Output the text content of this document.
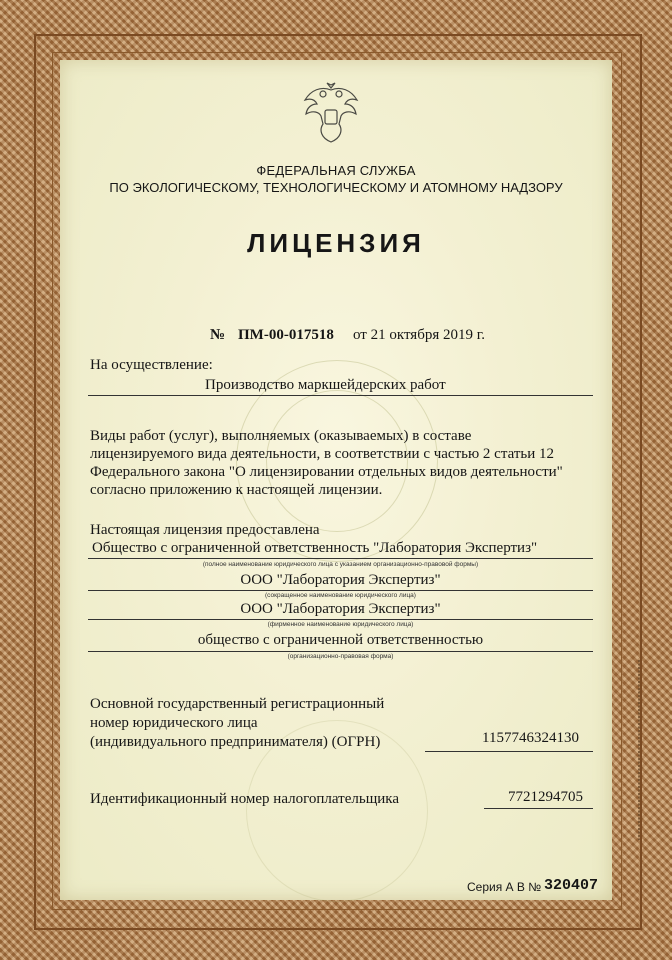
ФЕДЕРАЛЬНАЯ СЛУЖБА
ПО ЭКОЛОГИЧЕСКОМУ, ТЕХНОЛОГИЧЕСКОМУ И АТОМНОМУ НАДЗОРУ
ЛИЦЕНЗИЯ
№ ПМ-00-017518 от 21 октября 2019 г.
На осуществление:
Производство маркшейдерских работ
Виды работ (услуг), выполняемых (оказываемых) в составе
лицензируемого вида деятельности, в соответствии с частью 2 статьи 12
Федерального закона "О лицензировании отдельных видов деятельности"
согласно приложению к настоящей лицензии.
Настоящая лицензия предоставлена
Общество с ограниченной ответственность "Лаборатория Экспертиз"
(полное наименование юридического лица с указанием организационно-правовой формы)
ООО "Лаборатория Экспертиз"
(сокращенное наименование юридического лица)
ООО "Лаборатория Экспертиз"
(фирменное наименование юридического лица)
общество с ограниченной ответственностью
(организационно-правовая форма)
Основной государственный регистрационный
номер юридического лица
(индивидуального предпринимателя) (ОГРН)	1157746324130
Идентификационный номер налогоплательщика	7721294705
Серия А В № 320407
